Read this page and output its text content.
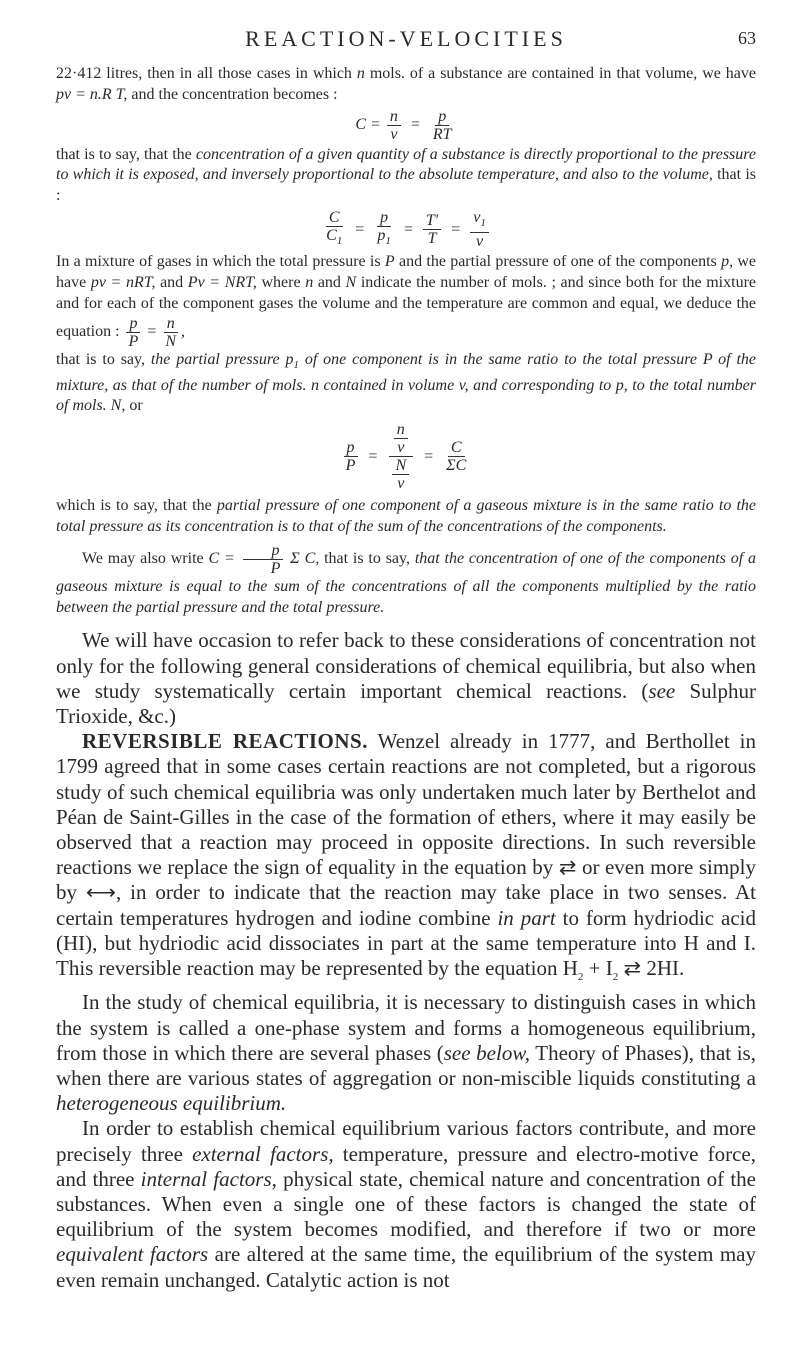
REACTION-VELOCITIES	63

22·412 litres, then in all those cases in which n mols. of a substance are contained in that volume, we have pv = n.R T, and the concentration becomes :

$C = \frac{n}{v} = \frac{p}{RT}$

that is to say, that the concentration of a given quantity of a substance is directly proportional to the pressure to which it is exposed, and inversely proportional to the absolute temperature, and also to the volume, that is :

$\frac{C}{C_1} = \frac{p}{p_1} = \frac{T'}{T} = \frac{v_1}{v}$

In a mixture of gases in which the total pressure is P and the partial pressure of one of the components p, we have pv = nRT, and Pv = NRT, where n and N indicate the number of mols. ; and since both for the mixture and for each of the component gases the volume and the temperature are common and equal, we deduce the equation : $\frac{p}{P} = \frac{n}{N}$ ,

that is to say, the partial pressure $p_1$ of one component is in the same ratio to the total pressure P of the mixture, as that of the number of mols. n contained in volume v, and corresponding to p, to the total number of mols. N, or

$\frac{p}{P} = \frac{\frac{n}{v}}{\frac{N}{v}} = \frac{C}{\Sigma C}$

which is to say, that the partial pressure of one component of a gaseous mixture is in the same ratio to the total pressure as its concentration is to that of the sum of the concentrations of the components.

We may also write $C = \frac{p}{P}$ Σ C, that is to say, that the concentration of one of the components of a gaseous mixture is equal to the sum of the concentrations of all the components multiplied by the ratio between the partial pressure and the total pressure.

We will have occasion to refer back to these considerations of concentration not only for the following general considerations of chemical equilibria, but also when we study systematically certain important chemical reactions. (see Sulphur Trioxide, &c.)

REVERSIBLE REACTIONS. Wenzel already in 1777, and Berthollet in 1799 agreed that in some cases certain reactions are not completed, but a rigorous study of such chemical equilibria was only undertaken much later by Berthelot and Péan de Saint-Gilles in the case of the formation of ethers, where it may easily be observed that a reaction may proceed in opposite directions. In such reversible reactions we replace the sign of equality in the equation by ⇄ or even more simply by ⟷, in order to indicate that the reaction may take place in two senses. At certain temperatures hydrogen and iodine combine in part to form hydriodic acid (HI), but hydriodic acid dissociates in part at the same temperature into H and I. This reversible reaction may be represented by the equation $H_2 + I_2$ ⇄ 2HI.

In the study of chemical equilibria, it is necessary to distinguish cases in which the system is called a one-phase system and forms a homogeneous equilibrium, from those in which there are several phases (see below, Theory of Phases), that is, when there are various states of aggregation or non-miscible liquids constituting a heterogeneous equilibrium.

In order to establish chemical equilibrium various factors contribute, and more precisely three external factors, temperature, pressure and electro-motive force, and three internal factors, physical state, chemical nature and concentration of the substances. When even a single one of these factors is changed the state of equilibrium of the system becomes modified, and therefore if two or more equivalent factors are altered at the same time, the equilibrium of the system may even remain unchanged. Catalytic action is not
